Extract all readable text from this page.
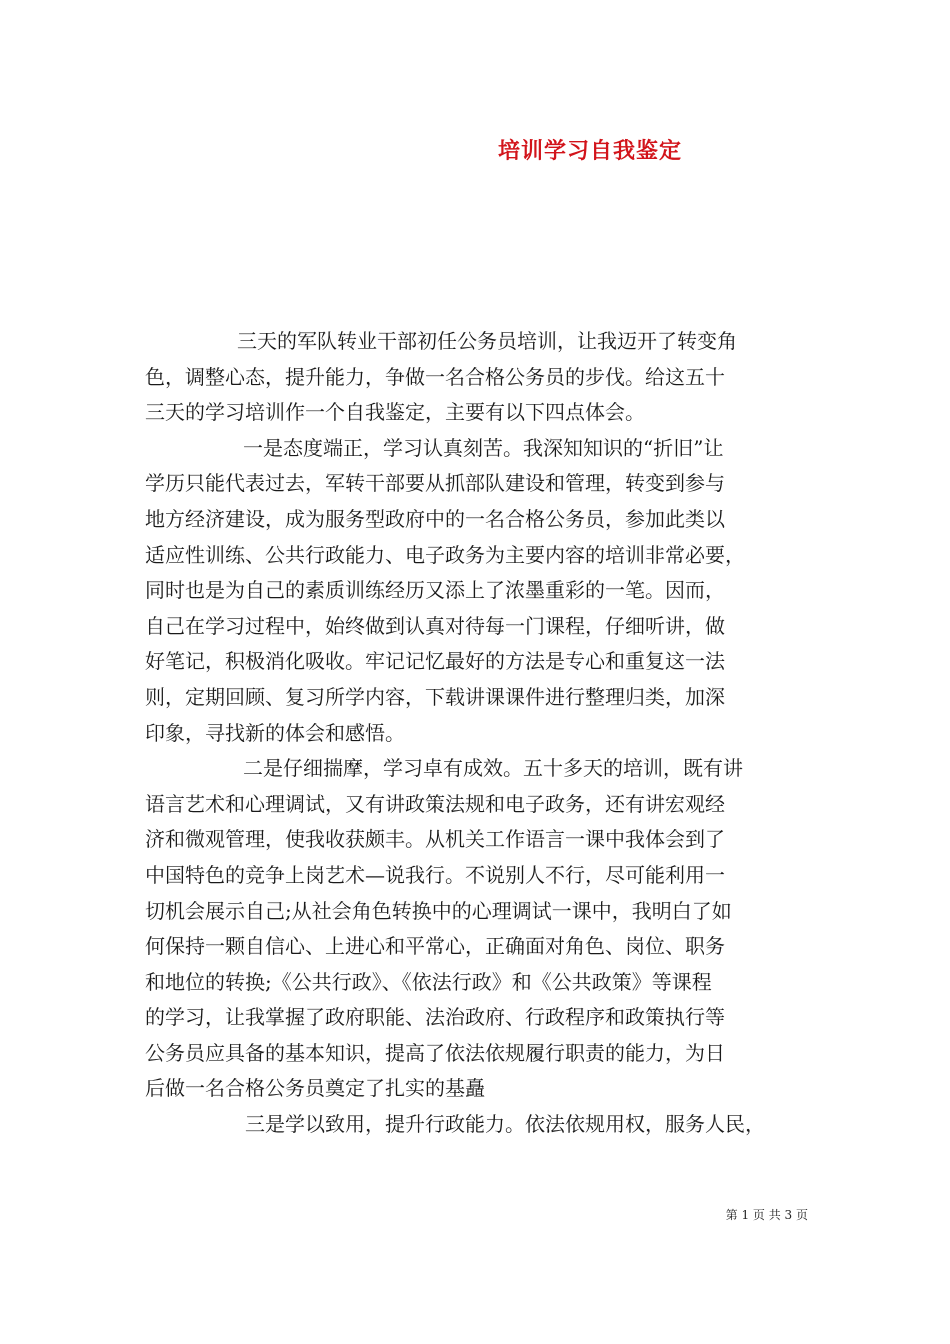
培训学习自我鉴定
三天的军队转业干部初任公务员培训，让我迈开了转变角
色，调整心态，提升能力，争做一名合格公务员的步伐。给这五十
三天的学习培训作一个自我鉴定，主要有以下四点体会。
一是态度端正，学习认真刻苦。我深知知识的“折旧”让
学历只能代表过去，军转干部要从抓部队建设和管理，转变到参与
地方经济建设，成为服务型政府中的一名合格公务员，参加此类以
适应性训练、公共行政能力、电子政务为主要内容的培训非常必要，
同时也是为自己的素质训练经历又添上了浓墨重彩的一笔。因而，
自己在学习过程中，始终做到认真对待每一门课程，仔细听讲，做
好笔记，积极消化吸收。牢记记忆最好的方法是专心和重复这一法
则，定期回顾、复习所学内容，下载讲课课件进行整理归类，加深
印象，寻找新的体会和感悟。
二是仔细揣摩，学习卓有成效。五十多天的培训，既有讲
语言艺术和心理调试，又有讲政策法规和电子政务，还有讲宏观经
济和微观管理，使我收获颇丰。从机关工作语言一课中我体会到了
中国特色的竞争上岗艺术—说我行。不说别人不行，尽可能利用一
切机会展示自己;从社会角色转换中的心理调试一课中，我明白了如
何保持一颗自信心、上进心和平常心，正确面对角色、岗位、职务
和地位的转换;《公共行政》、《依法行政》和《公共政策》等课程
的学习，让我掌握了政府职能、法治政府、行政程序和政策执行等
公务员应具备的基本知识，提高了依法依规履行职责的能力，为日
后做一名合格公务员奠定了扎实的基矗
三是学以致用，提升行政能力。依法依规用权，服务人民，
第 1 页 共 3 页
